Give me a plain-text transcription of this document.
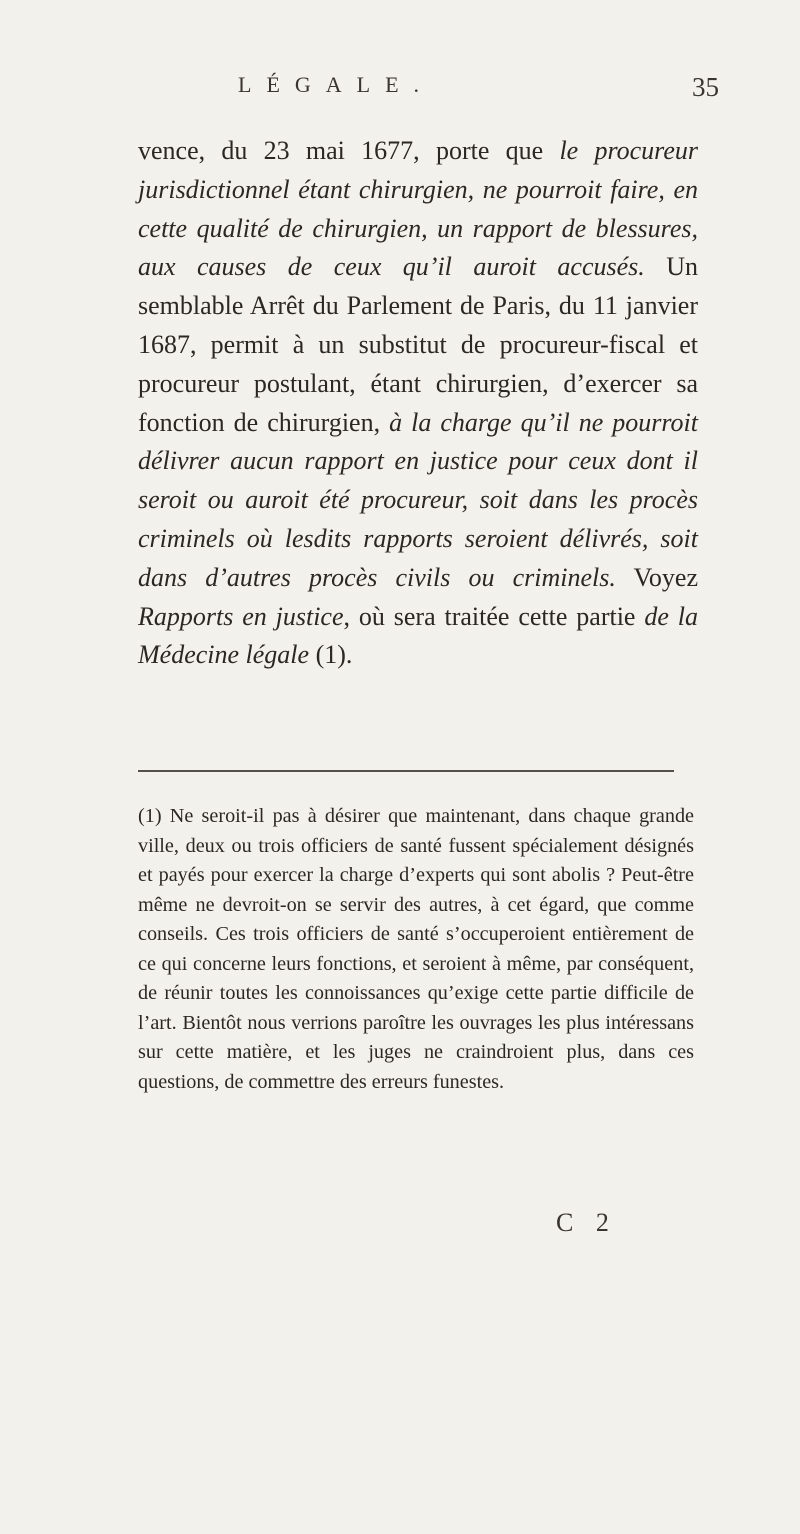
LÉGALE.	35

vence, du 23 mai 1677, porte que le procureur jurisdictionnel étant chirurgien, ne pourroit faire, en cette qualité de chirurgien, un rapport de blessures, aux causes de ceux qu’il auroit accusés. Un semblable Arrêt du Parlement de Paris, du 11 janvier 1687, permit à un substitut de procureur-fiscal et procureur postulant, étant chirurgien, d’exercer sa fonction de chirurgien, à la charge qu’il ne pourroit délivrer aucun rapport en justice pour ceux dont il seroit ou auroit été procureur, soit dans les procès criminels où lesdits rapports seroient délivrés, soit dans d’autres procès civils ou criminels. Voyez Rapports en justice, où sera traitée cette partie de la Médecine légale (1).

(1) Ne seroit-il pas à désirer que maintenant, dans chaque grande ville, deux ou trois officiers de santé fussent spécialement désignés et payés pour exercer la charge d’experts qui sont abolis ? Peut-être même ne devroit-on se servir des autres, à cet égard, que comme conseils. Ces trois officiers de santé s’occuperoient entièrement de ce qui concerne leurs fonctions, et seroient à même, par conséquent, de réunir toutes les connoissances qu’exige cette partie difficile de l’art. Bientôt nous verrions paroître les ouvrages les plus intéressans sur cette matière, et les juges ne craindroient plus, dans ces questions, de commettre des erreurs funestes.

C 2
